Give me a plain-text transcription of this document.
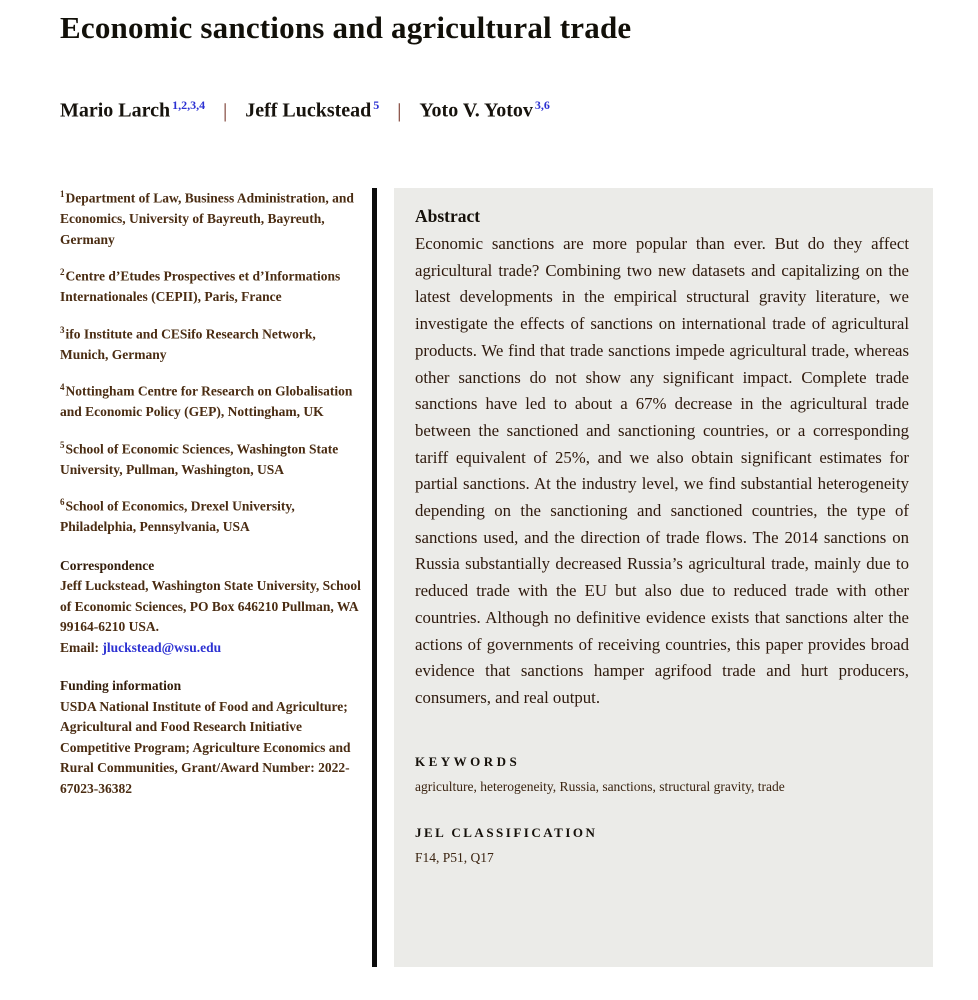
Economic sanctions and agricultural trade
Mario Larch $^{1,2,3,4}$ | Jeff Luckstead $^5$ | Yoto V. Yotov $^{3,6}$

$^1$Department of Law, Business Administration, and Economics, University of Bayreuth, Bayreuth, Germany

$^2$Centre d’Etudes Prospectives et d’Informations Internationales (CEPII), Paris, France

$^3$ifo Institute and CESifo Research Network, Munich, Germany

$^4$Nottingham Centre for Research on Globalisation and Economic Policy (GEP), Nottingham, UK

$^5$School of Economic Sciences, Washington State University, Pullman, Washington, USA

$^6$School of Economics, Drexel University, Philadelphia, Pennsylvania, USA

Correspondence

Jeff Luckstead, Washington State University, School of Economic Sciences, PO Box 646210 Pullman, WA 99164-6210 USA.

Email: jluckstead@wsu.edu

Funding information

USDA National Institute of Food and Agriculture; Agricultural and Food Research Initiative Competitive Program; Agriculture Economics and Rural Communities, Grant/Award Number: 2022-67023-36382

Abstract

Economic sanctions are more popular than ever. But do they affect agricultural trade? Combining two new datasets and capitalizing on the latest developments in the empirical structural gravity literature, we investigate the effects of sanctions on international trade of agricultural products. We find that trade sanctions impede agricultural trade, whereas other sanctions do not show any significant impact. Complete trade sanctions have led to about a 67% decrease in the agricultural trade between the sanctioned and sanctioning countries, or a corresponding tariff equivalent of 25%, and we also obtain significant estimates for partial sanctions. At the industry level, we find substantial heterogeneity depending on the sanctioning and sanctioned countries, the type of sanctions used, and the direction of trade flows. The 2014 sanctions on Russia substantially decreased Russia’s agricultural trade, mainly due to reduced trade with the EU but also due to reduced trade with other countries. Although no definitive evidence exists that sanctions alter the actions of governments of receiving countries, this paper provides broad evidence that sanctions hamper agrifood trade and hurt producers, consumers, and real output.

KEYWORDS

agriculture, heterogeneity, Russia, sanctions, structural gravity, trade

JEL CLASSIFICATION

F14, P51, Q17
